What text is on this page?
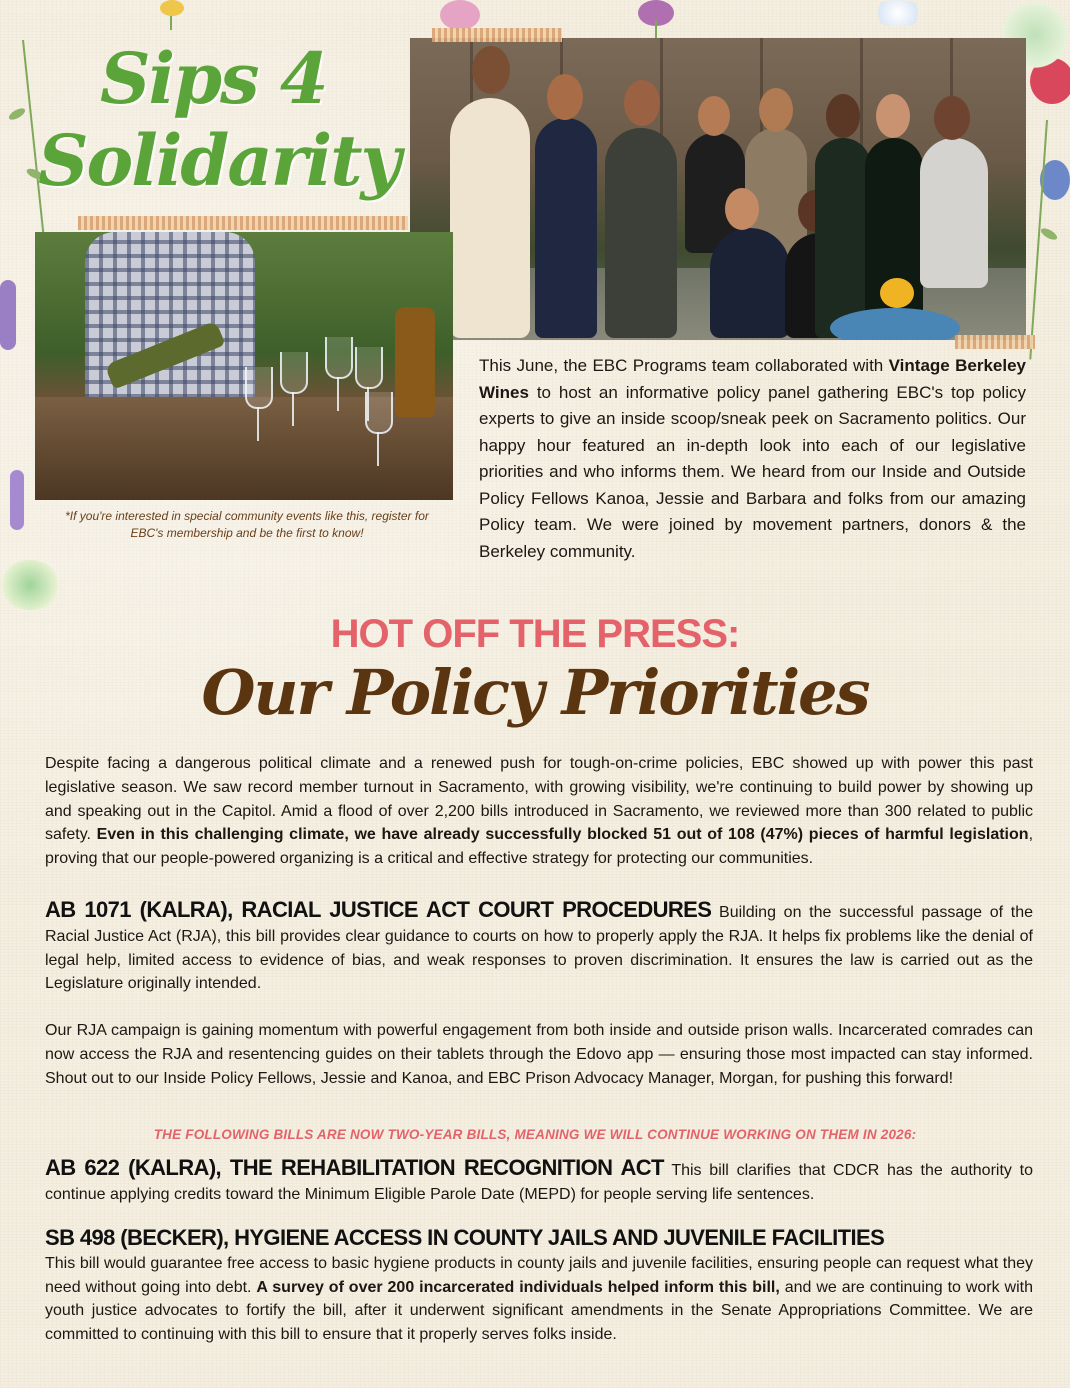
Sips 4
Solidarity
*If you're interested in special community events like this, register for EBC's membership and be the first to know!
This June, the EBC Programs team collaborated with Vintage Berkeley Wines to host an informative policy panel gathering EBC's top policy experts to give an inside scoop/sneak peek on Sacramento politics. Our happy hour featured an in-depth look into each of our legislative priorities and who informs them. We heard from our Inside and Outside Policy Fellows Kanoa, Jessie and Barbara and folks from our amazing Policy team. We were joined by movement partners, donors & the Berkeley community.
HOT OFF THE PRESS:
Our Policy Priorities
Despite facing a dangerous political climate and a renewed push for tough-on-crime policies, EBC showed up with power this past legislative season. We saw record member turnout in Sacramento, with growing visibility, we're continuing to build power by showing up and speaking out in the Capitol. Amid a flood of over 2,200 bills introduced in Sacramento, we reviewed more than 300 related to public safety. Even in this challenging climate, we have already successfully blocked 51 out of 108 (47%) pieces of harmful legislation, proving that our people-powered organizing is a critical and effective strategy for protecting our communities.
AB 1071 (KALRA), RACIAL JUSTICE ACT COURT PROCEDURES Building on the successful passage of the Racial Justice Act (RJA), this bill provides clear guidance to courts on how to properly apply the RJA. It helps fix problems like the denial of legal help, limited access to evidence of bias, and weak responses to proven discrimination. It ensures the law is carried out as the Legislature originally intended.
Our RJA campaign is gaining momentum with powerful engagement from both inside and outside prison walls. Incarcerated comrades can now access the RJA and resentencing guides on their tablets through the Edovo app — ensuring those most impacted can stay informed. Shout out to our Inside Policy Fellows, Jessie and Kanoa, and EBC Prison Advocacy Manager, Morgan, for pushing this forward!
THE FOLLOWING BILLS ARE NOW TWO-YEAR BILLS, MEANING WE WILL CONTINUE WORKING ON THEM IN 2026:
AB 622 (KALRA), THE REHABILITATION RECOGNITION ACT This bill clarifies that CDCR has the authority to continue applying credits toward the Minimum Eligible Parole Date (MEPD) for people serving life sentences.
SB 498 (BECKER), HYGIENE ACCESS IN COUNTY JAILS AND JUVENILE FACILITIES
This bill would guarantee free access to basic hygiene products in county jails and juvenile facilities, ensuring people can request what they need without going into debt. A survey of over 200 incarcerated individuals helped inform this bill, and we are continuing to work with youth justice advocates to fortify the bill, after it underwent significant amendments in the Senate Appropriations Committee. We are committed to continuing with this bill to ensure that it properly serves folks inside.
